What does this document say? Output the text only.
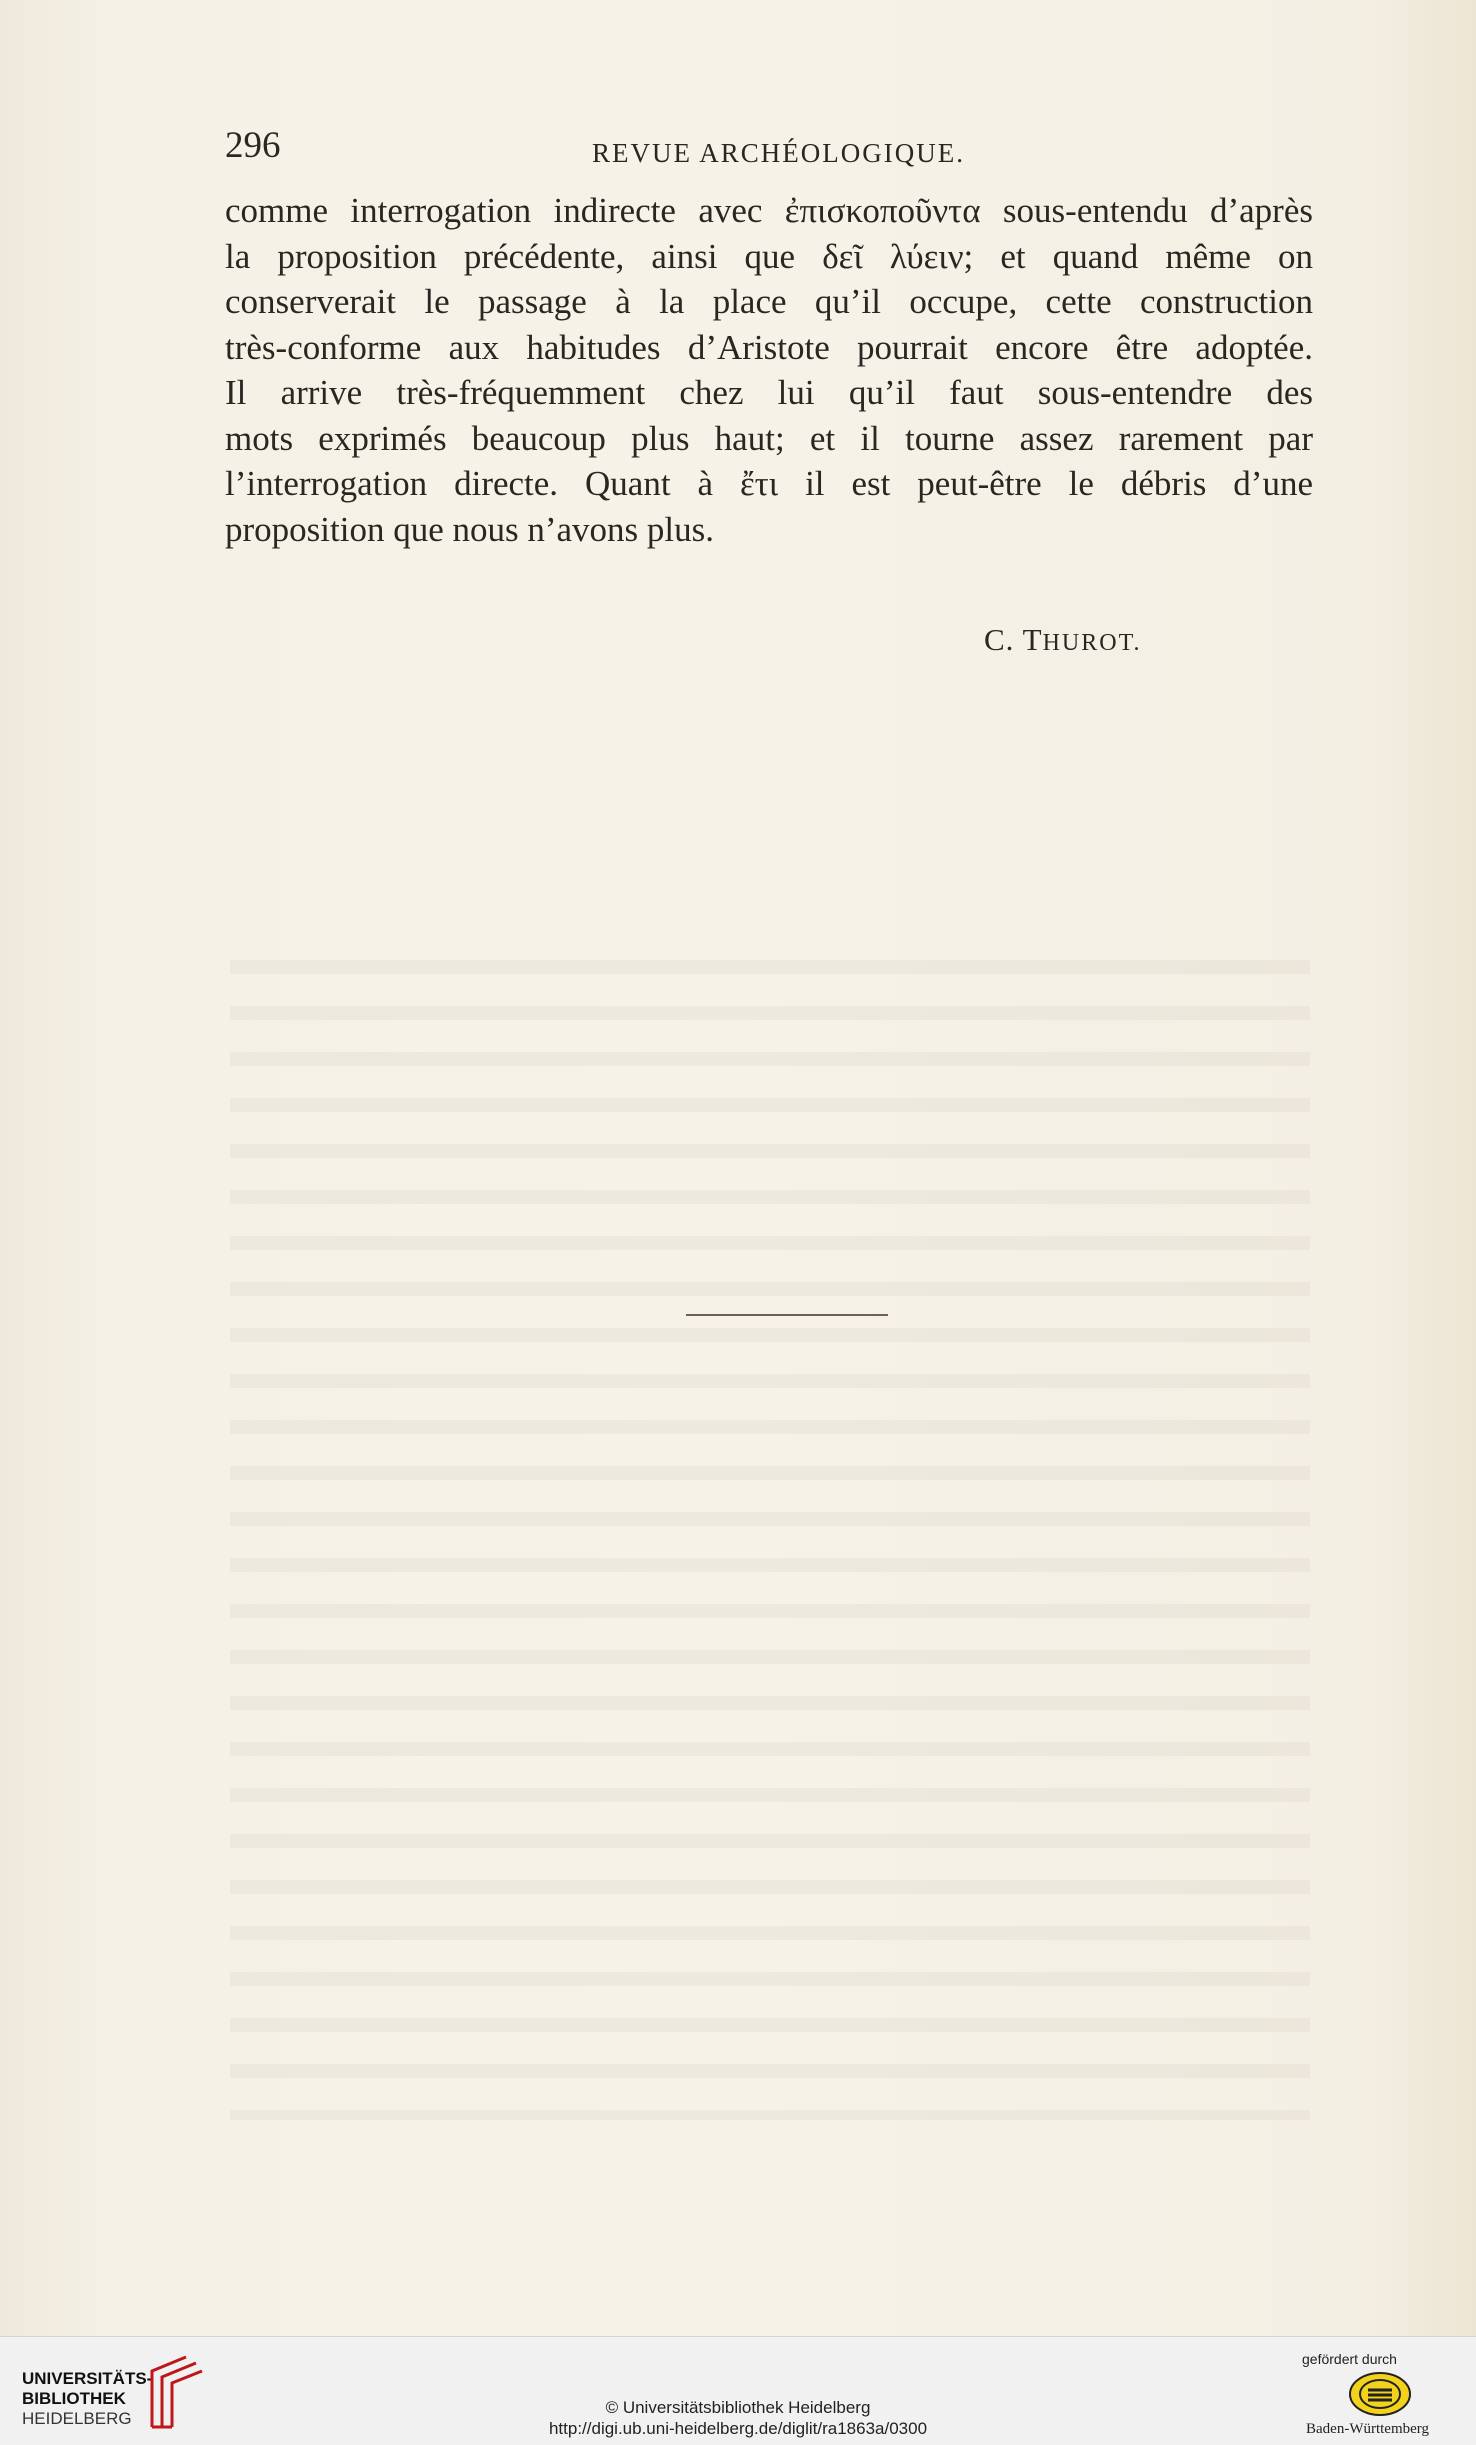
296	REVUE ARCHÉOLOGIQUE.
comme interrogation indirecte avec ἐπισκοποῦντα sous-entendu d’après
la proposition précédente, ainsi que δεῖ λύειν; et quand même on
conserverait le passage à la place qu’il occupe, cette construction
très-conforme aux habitudes d’Aristote pourrait encore être adoptée.
Il arrive très-fréquemment chez lui qu’il faut sous-entendre des
mots exprimés beaucoup plus haut; et il tourne assez rarement par
l’interrogation directe. Quant à ἔτι il est peut-être le débris d’une
proposition que nous n’avons plus.
C. THUROT.
UNIVERSITÄTS-
BIBLIOTHEK
HEIDELBERG
© Universitätsbibliothek Heidelberg
http://digi.ub.uni-heidelberg.de/diglit/ra1863a/0300
gefördert durch
Baden-Württemberg
